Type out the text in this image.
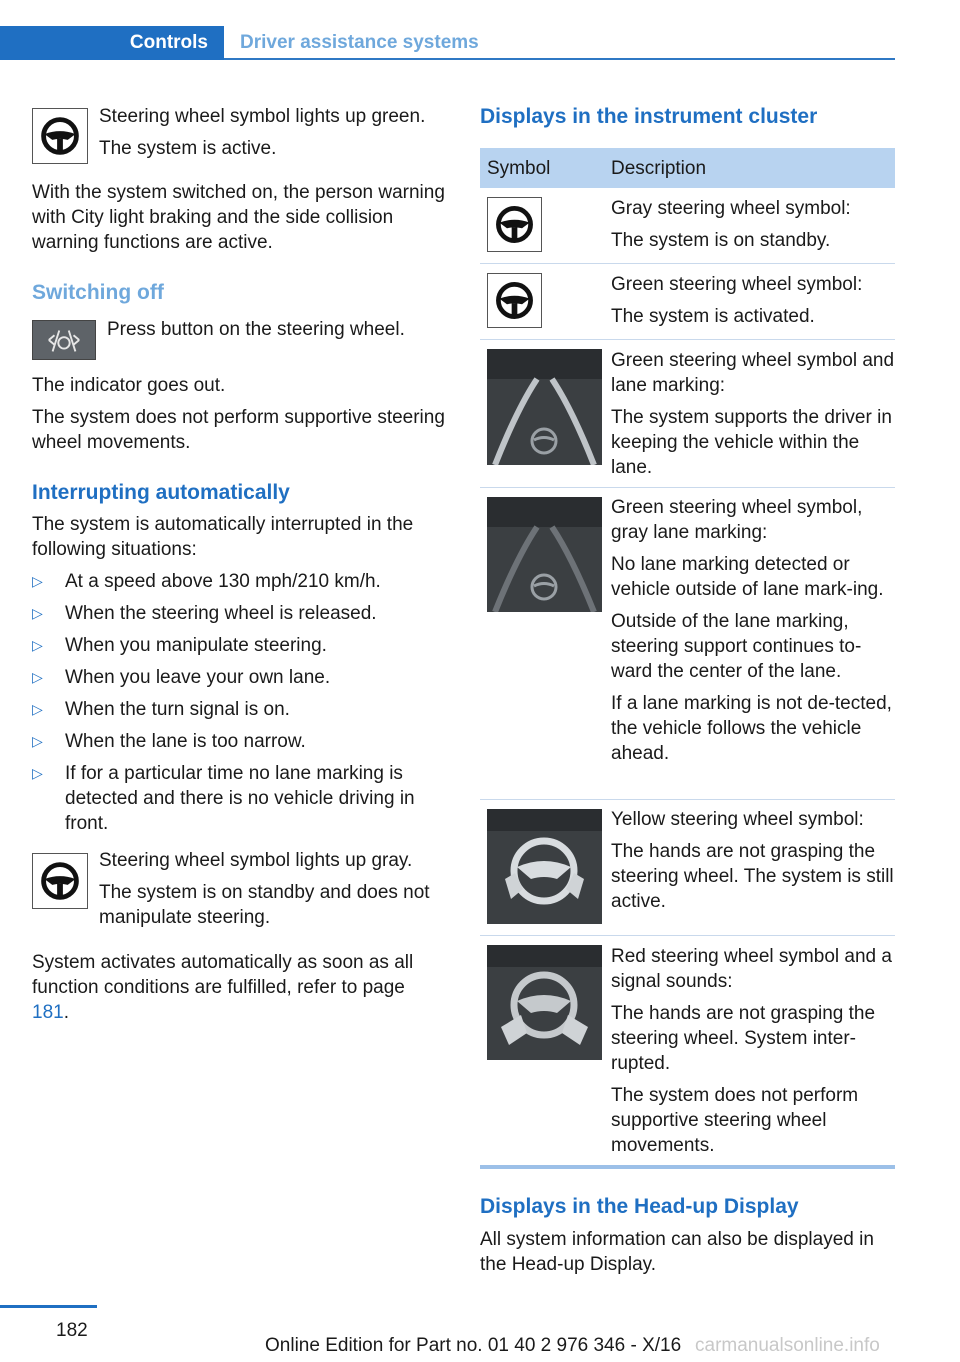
Controls	Driver assistance systems

Steering wheel symbol lights up green.

The system is active.

With the system switched on, the person warning with City light braking and the side collision warning functions are active.

Switching off

Press button on the steering wheel.

The indicator goes out.

The system does not perform supportive steering wheel movements.

Interrupting automatically

The system is automatically interrupted in the following situations:

▷ At a speed above 130 mph/210 km/h.
▷ When the steering wheel is released.
▷ When you manipulate steering.
▷ When you leave your own lane.
▷ When the turn signal is on.
▷ When the lane is too narrow.
▷ If for a particular time no lane marking is detected and there is no vehicle driving in front.

Steering wheel symbol lights up gray.

The system is on standby and does not manipulate steering.

System activates automatically as soon as all function conditions are fulfilled, refer to page 181.

Displays in the instrument cluster

Symbol	Description

Gray steering wheel symbol:

The system is on standby.

Green steering wheel symbol:

The system is activated.

Green steering wheel symbol and lane marking:

The system supports the driver in keeping the vehicle within the lane.

Green steering wheel symbol, gray lane marking:

No lane marking detected or vehicle outside of lane mark-ing.

Outside of the lane marking, steering support continues to-ward the center of the lane.

If a lane marking is not de-tected, the vehicle follows the vehicle ahead.

Yellow steering wheel symbol:

The hands are not grasping the steering wheel. The system is still active.

Red steering wheel symbol and a signal sounds:

The hands are not grasping the steering wheel. System inter-rupted.

The system does not perform supportive steering wheel movements.

Displays in the Head-up Display

All system information can also be displayed in the Head-up Display.

182
Online Edition for Part no. 01 40 2 976 346 - X/16 carmanualsonline.info
